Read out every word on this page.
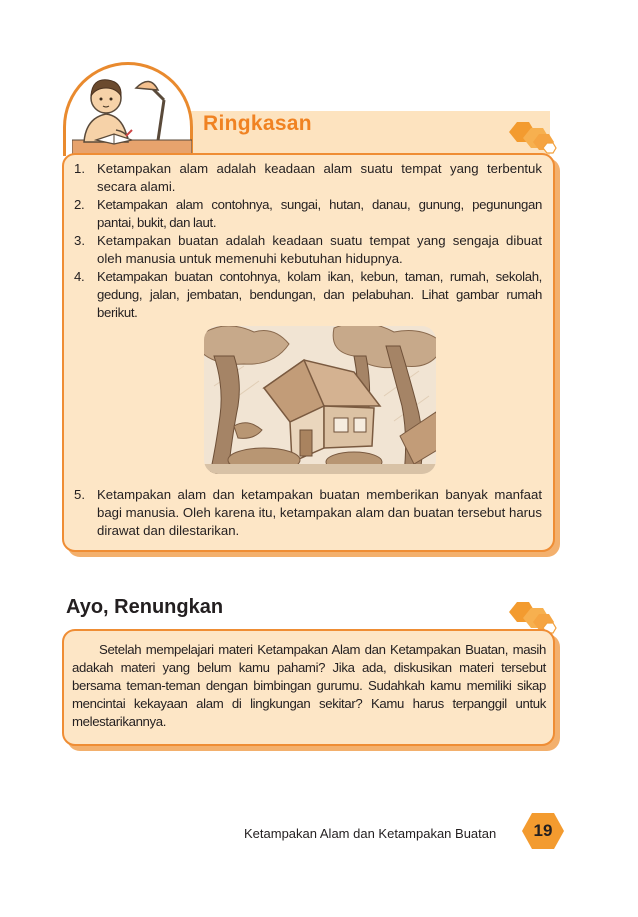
Ringkasan
1. Ketampakan alam adalah keadaan alam suatu tempat yang terbentuk secara alami.
2. Ketampakan alam contohnya, sungai, hutan, danau, gunung, pegunungan pantai, bukit, dan laut.
3. Ketampakan buatan adalah keadaan suatu tempat yang sengaja dibuat oleh manusia untuk memenuhi kebutuhan hidupnya.
4. Ketampakan buatan contohnya, kolam ikan, kebun, taman, rumah, sekolah, gedung, jalan, jembatan, bendungan, dan pelabuhan. Lihat gambar rumah berikut.
5. Ketampakan alam dan ketampakan buatan memberikan banyak manfaat bagi manusia. Oleh karena itu, ketampakan alam dan buatan tersebut harus dirawat dan dilestarikan.
Ayo, Renungkan

Setelah mempelajari materi Ketampakan Alam dan Ketampakan Buatan, masih adakah materi yang belum kamu pahami? Jika ada, diskusikan materi tersebut bersama teman-teman dengan bimbingan gurumu. Sudahkah kamu memiliki sikap mencintai kekayaan alam di lingkungan sekitar? Kamu harus terpanggil untuk melestarikannya.

Ketampakan Alam dan Ketampakan Buatan	19
